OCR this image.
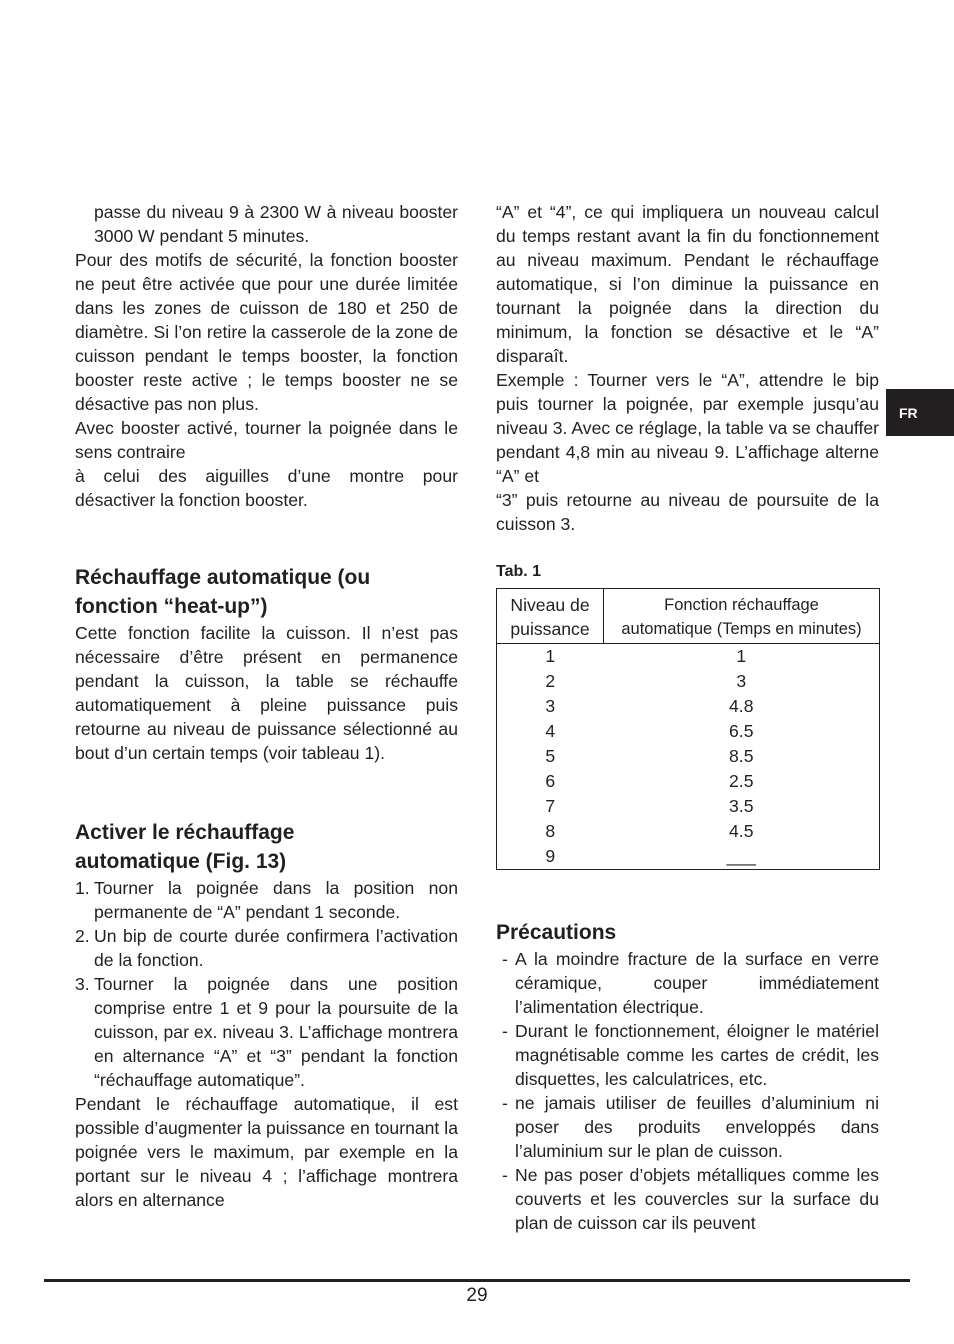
FR

passe du niveau 9 à 2300 W à niveau booster 3000 W pendant 5 minutes.

Pour des motifs de sécurité, la fonction booster ne peut être activée que pour une durée limitée dans les zones de cuisson de 180 et 250 de diamètre. Si l’on retire la casserole de la zone de cuisson pendant le temps booster, la fonction booster reste active ; le temps booster ne se désactive pas non plus.

Avec booster activé, tourner la poignée dans le sens contraire

à celui des aiguilles d’une montre pour désactiver la fonction booster.

Réchauffage automatique (ou
fonction “heat-up”)

Cette fonction facilite la cuisson. Il n’est pas nécessaire d’être présent en permanence pendant la cuisson, la table se réchauffe automatiquement à pleine puissance puis retourne au niveau de puissance sélectionné au bout d’un certain temps (voir tableau 1).

Activer le réchauffage
automatique (Fig. 13)
1. Tourner la poignée dans la position non permanente de “A” pendant 1 seconde.
2. Un bip de courte durée confirmera l’activation de la fonction.
3. Tourner la poignée dans une position comprise entre 1 et 9 pour la poursuite de la cuisson, par ex. niveau 3. L’affichage montrera en alternance “A” et “3” pendant la fonction “réchauffage automatique”.

Pendant le réchauffage automatique, il est possible d’augmenter la puissance en tournant la poignée vers le maximum, par exemple en la portant sur le niveau 4 ; l’affichage montrera alors en alternance

“A” et “4”, ce qui impliquera un nouveau calcul du temps restant avant la fin du fonctionnement au niveau maximum. Pendant le réchauffage automatique, si l’on diminue la puissance en tournant la poignée dans la direction du minimum, la fonction se désactive et le “A” disparaît.

Exemple : Tourner vers le “A”, attendre le bip puis tourner la poignée, par exemple jusqu’au niveau 3. Avec ce réglage, la table va se chauffer pendant 4,8 min au niveau 9. L’affichage alterne “A” et

“3” puis retourne au niveau de poursuite de la cuisson 3.

Tab. 1
Niveau de
puissance	Fonction réchauffage
automatique (Temps en minutes)
1	1
2	3
3	4.8
4	6.5
5	8.5
6	2.5
7	3.5
8	4.5
9	___
Précautions
- A la moindre fracture de la surface en verre céramique, couper immédiatement l’alimentation électrique.
- Durant le fonctionnement, éloigner le matériel magnétisable comme les cartes de crédit, les disquettes, les calculatrices, etc.
- ne jamais utiliser de feuilles d’aluminium ni poser des produits enveloppés dans l’aluminium sur le plan de cuisson.
- Ne pas poser d’objets métalliques comme les couverts et les couvercles sur la surface du plan de cuisson car ils peuvent
29
